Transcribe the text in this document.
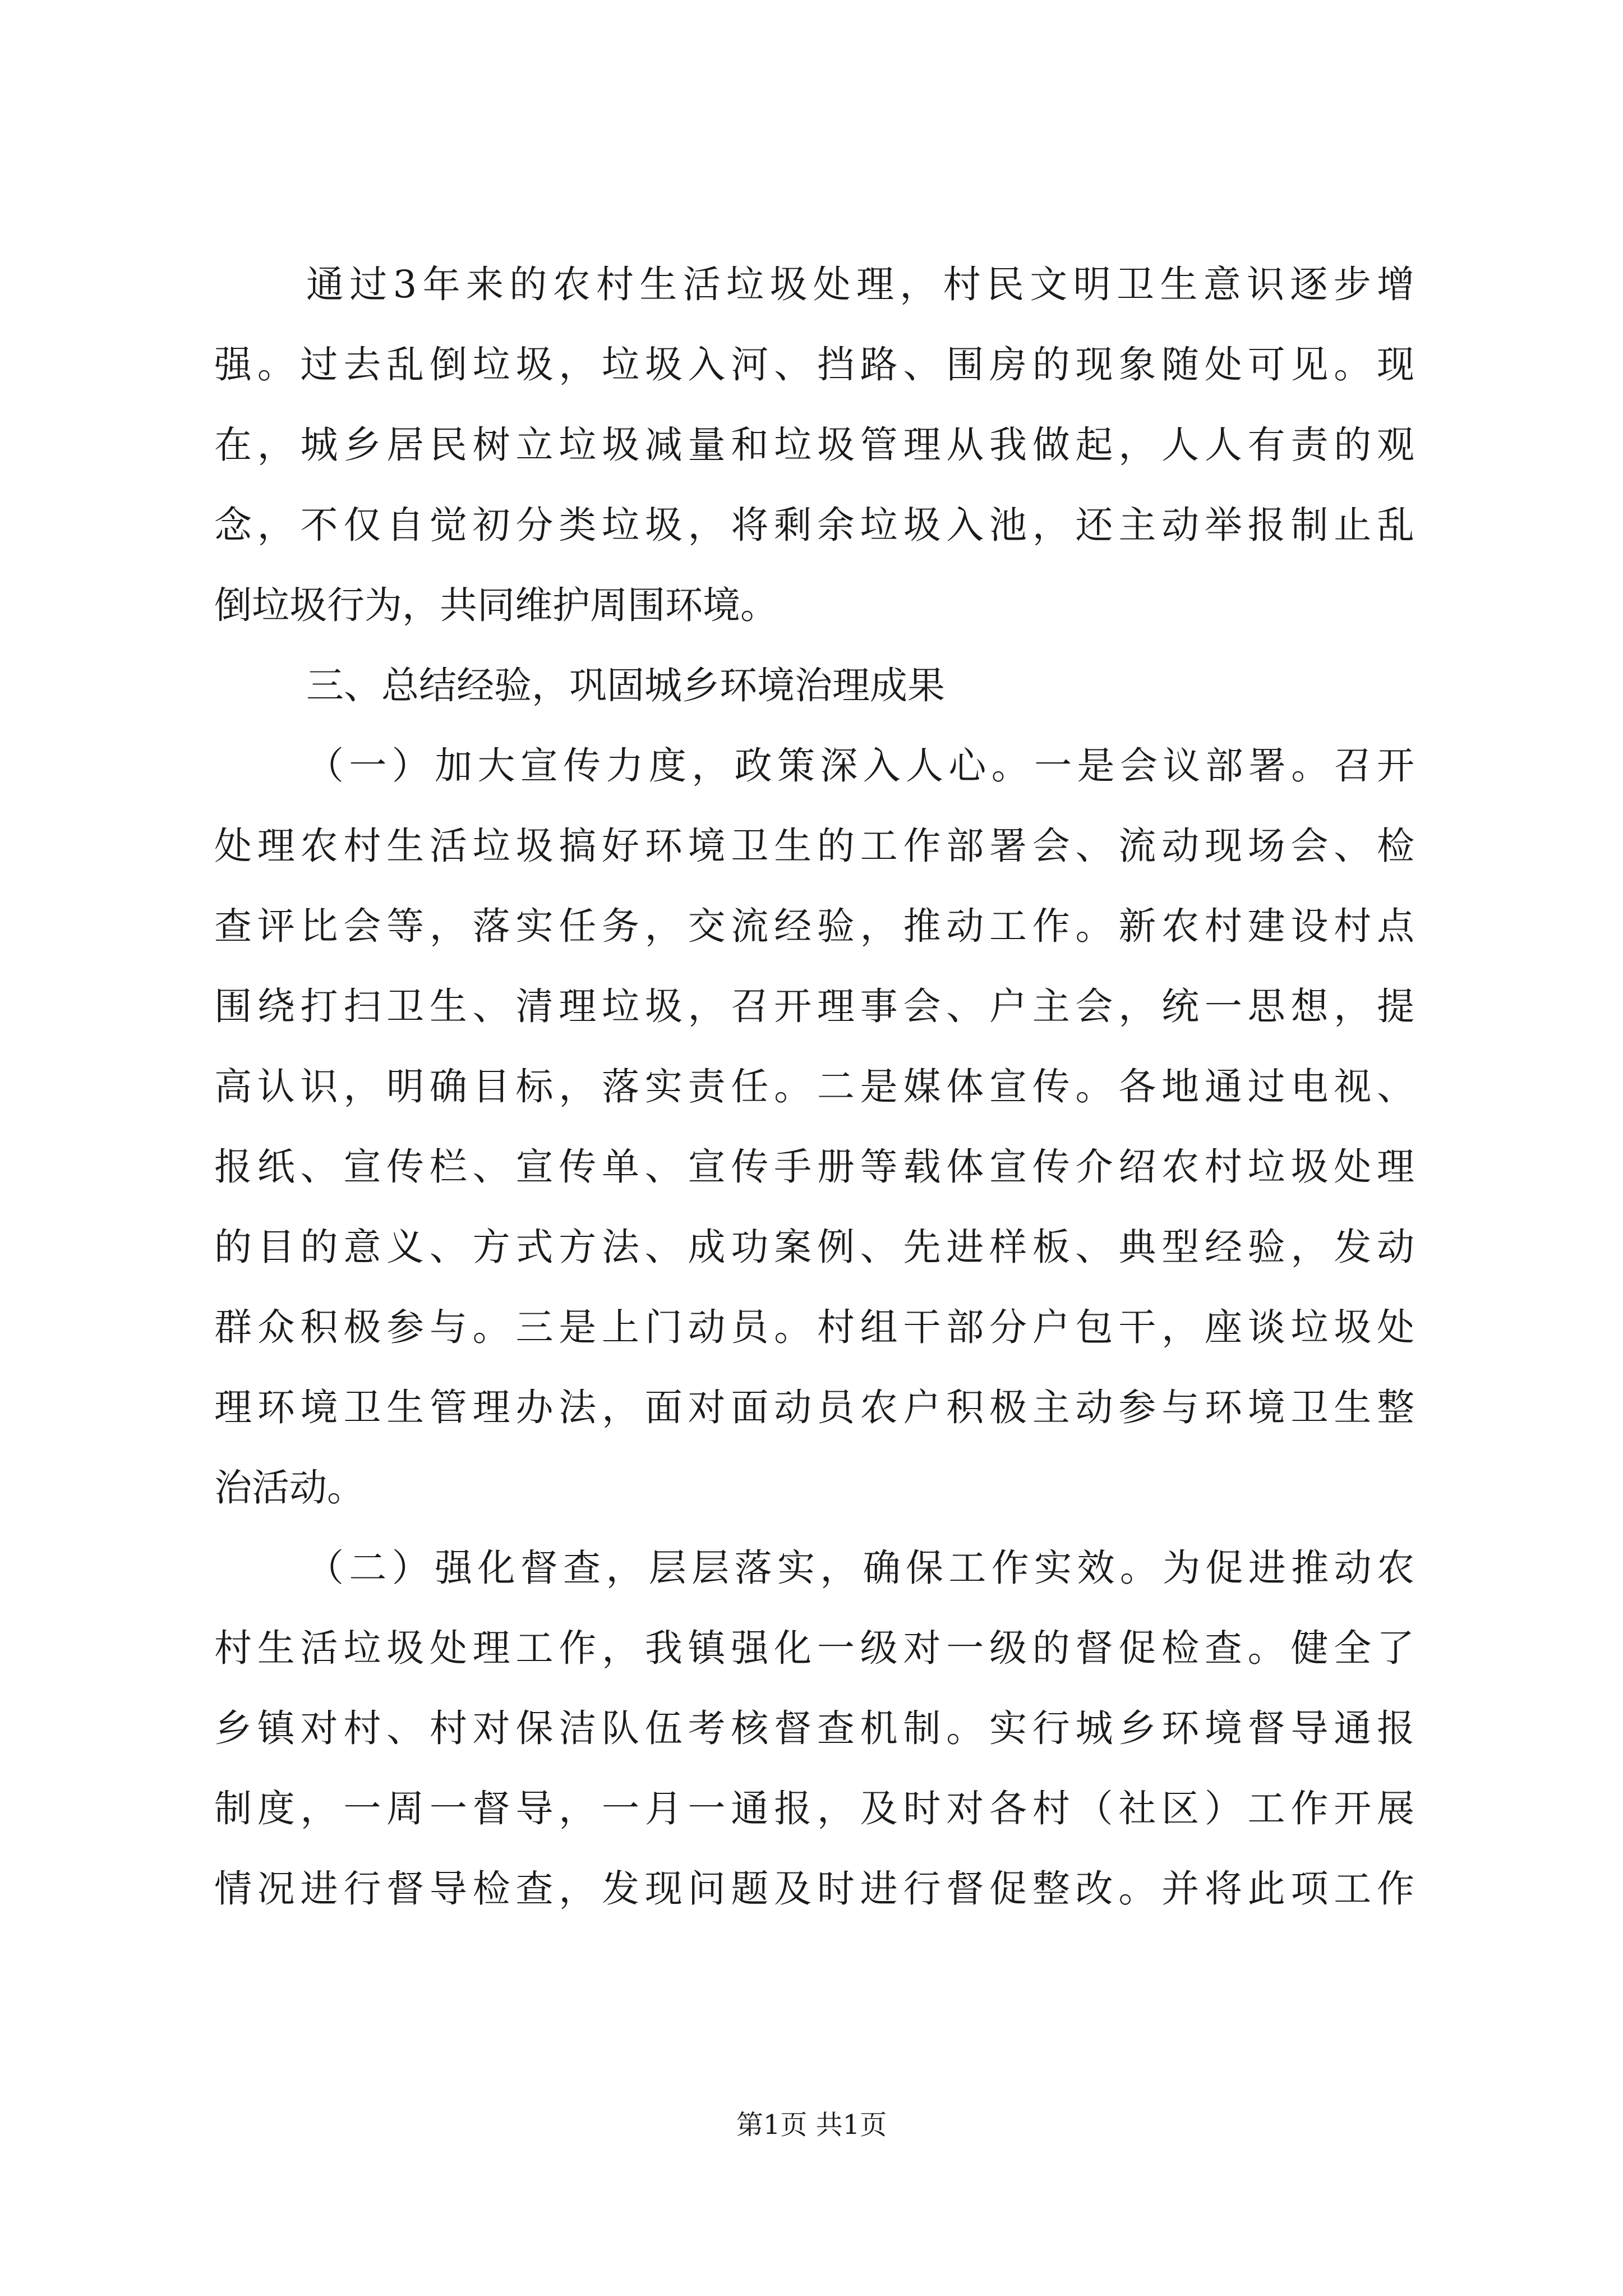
通过3年来的农村生活垃圾处理，村民文明卫生意识逐步增
强。过去乱倒垃圾，垃圾入河、挡路、围房的现象随处可见。现
在，城乡居民树立垃圾减量和垃圾管理从我做起，人人有责的观
念，不仅自觉初分类垃圾，将剩余垃圾入池，还主动举报制止乱
倒垃圾行为，共同维护周围环境。
三、总结经验，巩固城乡环境治理成果
（一）加大宣传力度，政策深入人心。一是会议部署。召开
处理农村生活垃圾搞好环境卫生的工作部署会、流动现场会、检
查评比会等，落实任务，交流经验，推动工作。新农村建设村点
围绕打扫卫生、清理垃圾，召开理事会、户主会，统一思想，提
高认识，明确目标，落实责任。二是媒体宣传。各地通过电视、
报纸、宣传栏、宣传单、宣传手册等载体宣传介绍农村垃圾处理
的目的意义、方式方法、成功案例、先进样板、典型经验，发动
群众积极参与。三是上门动员。村组干部分户包干，座谈垃圾处
理环境卫生管理办法，面对面动员农户积极主动参与环境卫生整
治活动。
（二）强化督查，层层落实，确保工作实效。为促进推动农
村生活垃圾处理工作，我镇强化一级对一级的督促检查。健全了
乡镇对村、村对保洁队伍考核督查机制。实行城乡环境督导通报
制度，一周一督导，一月一通报，及时对各村（社区）工作开展
情况进行督导检查，发现问题及时进行督促整改。并将此项工作
第1页 共1页
